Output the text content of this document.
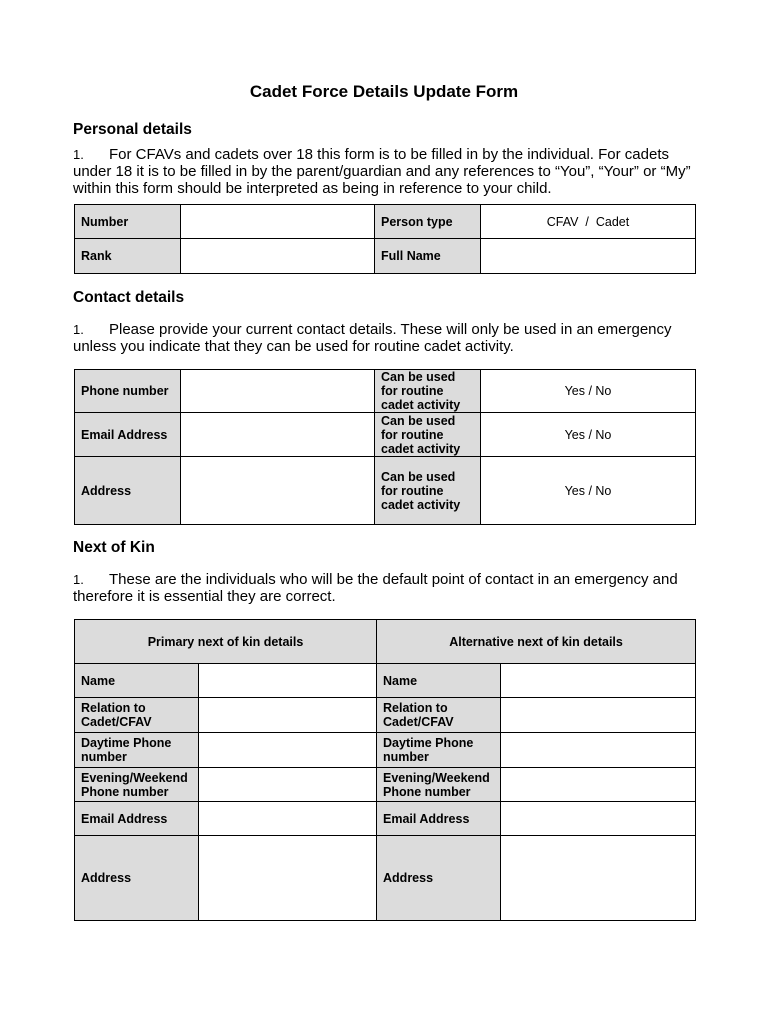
Cadet Force Details Update Form
Personal details
1. For CFAVs and cadets over 18 this form is to be filled in by the individual. For cadets under 18 it is to be filled in by the parent/guardian and any references to “You”, “Your” or “My” within this form should be interpreted as being in reference to your child.
Number		Person type	CFAV  /  Cadet
Rank		Full Name	
Contact details
1. Please provide your current contact details. These will only be used in an emergency unless you indicate that they can be used for routine cadet activity.
Phone number		Can be used for routine cadet activity	Yes / No
Email Address		Can be used for routine cadet activity	Yes / No
Address		Can be used for routine cadet activity	Yes / No
Next of Kin
1. These are the individuals who will be the default point of contact in an emergency and therefore it is essential they are correct.
Primary next of kin details		Alternative next of kin details	
Name		Name	
Relation to Cadet/CFAV		Relation to Cadet/CFAV	
Daytime Phone number		Daytime Phone number	
Evening/Weekend Phone number		Evening/Weekend Phone number	
Email Address		Email Address	
Address		Address	
